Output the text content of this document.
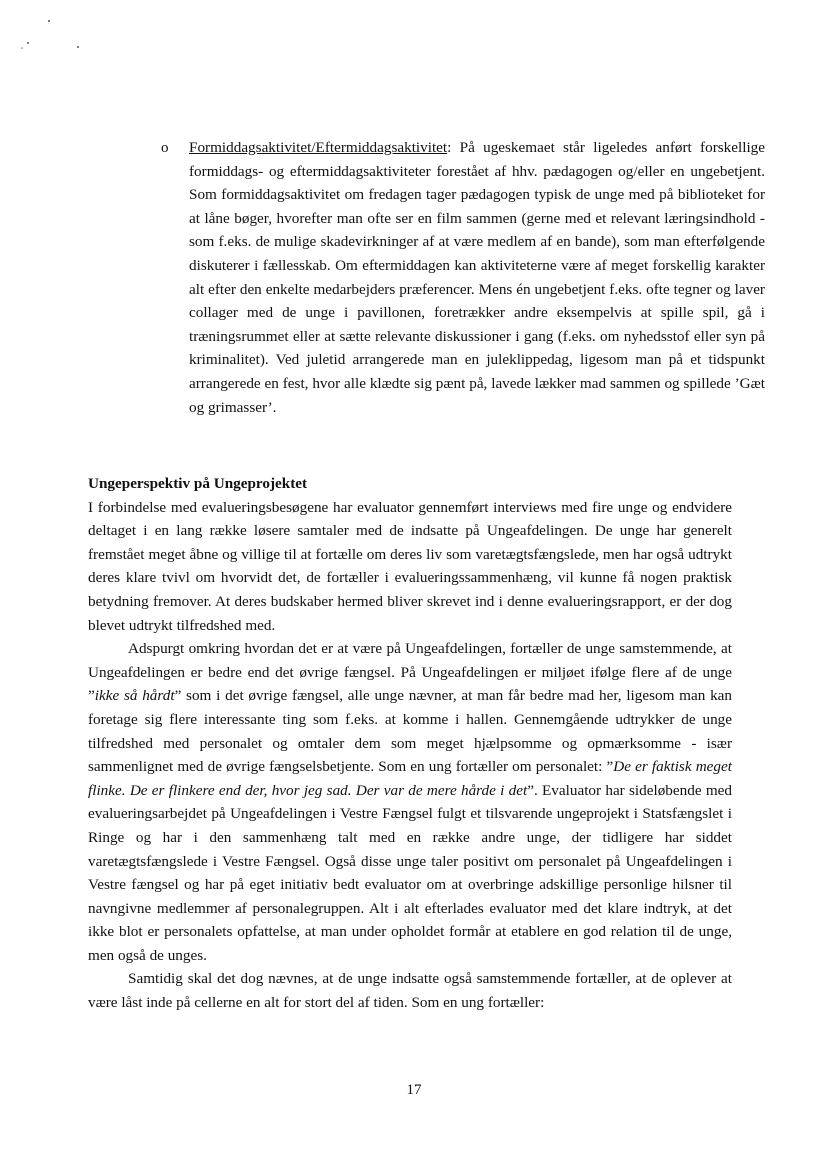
o Formiddagsaktivitet/Eftermiddagsaktivitet: På ugeskemaet står ligeledes anført forskellige formiddags- og eftermiddagsaktiviteter forestået af hhv. pædagogen og/eller en ungebetjent. Som formiddagsaktivitet om fredagen tager pædagogen typisk de unge med på biblioteket for at låne bøger, hvorefter man ofte ser en film sammen (gerne med et relevant læringsindhold - som f.eks. de mulige skadevirkninger af at være medlem af en bande), som man efterfølgende diskuterer i fællesskab. Om eftermiddagen kan aktiviteterne være af meget forskellig karakter alt efter den enkelte medarbejders præferencer. Mens én ungebetjent f.eks. ofte tegner og laver collager med de unge i pavillonen, foretrækker andre eksempelvis at spille spil, gå i træningsrummet eller at sætte relevante diskussioner i gang (f.eks. om nyhedsstof eller syn på kriminalitet). Ved juletid arrangerede man en juleklippedag, ligesom man på et tidspunkt arrangerede en fest, hvor alle klædte sig pænt på, lavede lækker mad sammen og spillede ’Gæt og grimasser’.

Ungeperspektiv på Ungeprojektet

I forbindelse med evalueringsbesøgene har evaluator gennemført interviews med fire unge og endvidere deltaget i en lang række løsere samtaler med de indsatte på Ungeafdelingen. De unge har generelt fremstået meget åbne og villige til at fortælle om deres liv som varetægtsfængslede, men har også udtrykt deres klare tvivl om hvorvidt det, de fortæller i evalueringssammenhæng, vil kunne få nogen praktisk betydning fremover. At deres budskaber hermed bliver skrevet ind i denne evalueringsrapport, er der dog blevet udtrykt tilfredshed med.

Adspurgt omkring hvordan det er at være på Ungeafdelingen, fortæller de unge samstemmende, at Ungeafdelingen er bedre end det øvrige fængsel. På Ungeafdelingen er miljøet ifølge flere af de unge ”ikke så hårdt” som i det øvrige fængsel, alle unge nævner, at man får bedre mad her, ligesom man kan foretage sig flere interessante ting som f.eks. at komme i hallen. Gennemgående udtrykker de unge tilfredshed med personalet og omtaler dem som meget hjælpsomme og opmærksomme - især sammenlignet med de øvrige fængselsbetjente. Som en ung fortæller om personalet: ”De er faktisk meget flinke. De er flinkere end der, hvor jeg sad. Der var de mere hårde i det”. Evaluator har sideløbende med evalueringsarbejdet på Ungeafdelingen i Vestre Fængsel fulgt et tilsvarende ungeprojekt i Statsfængslet i Ringe og har i den sammenhæng talt med en række andre unge, der tidligere har siddet varetægtsfængslede i Vestre Fængsel. Også disse unge taler positivt om personalet på Ungeafdelingen i Vestre fængsel og har på eget initiativ bedt evaluator om at overbringe adskillige personlige hilsner til navngivne medlemmer af personalegruppen. Alt i alt efterlades evaluator med det klare indtryk, at det ikke blot er personalets opfattelse, at man under opholdet formår at etablere en god relation til de unge, men også de unges.

Samtidig skal det dog nævnes, at de unge indsatte også samstemmende fortæller, at de oplever at være låst inde på cellerne en alt for stort del af tiden. Som en ung fortæller:

17
